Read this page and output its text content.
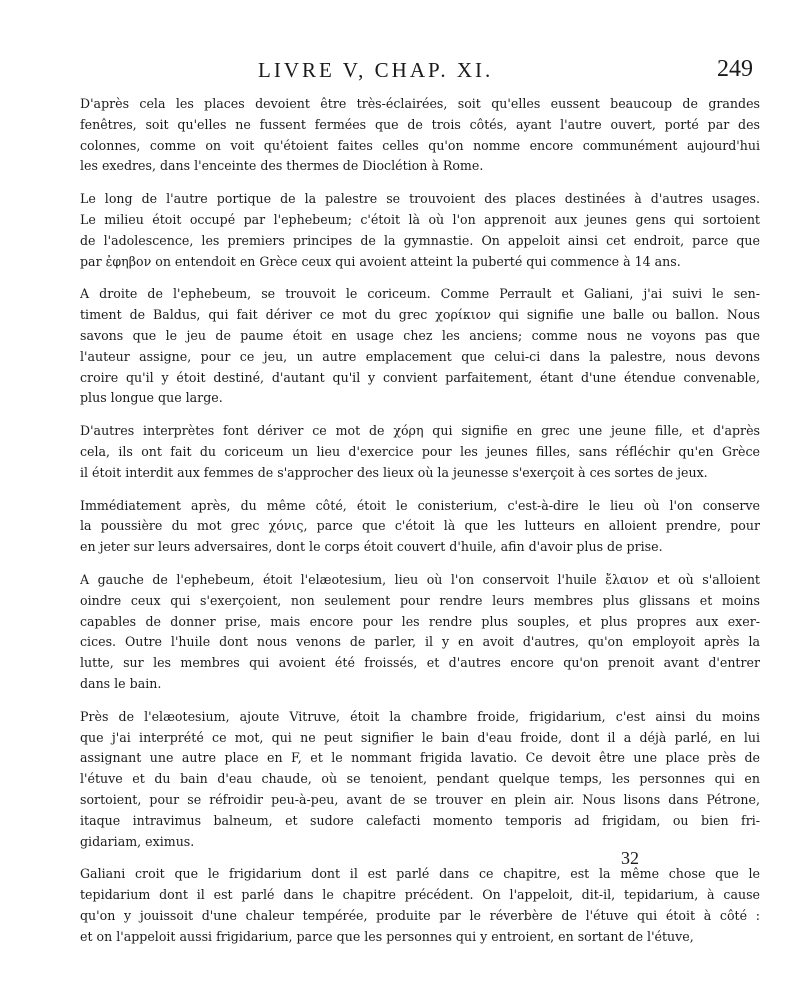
LIVRE V, CHAP. XI.	249
D'après cela les places devoient être très-éclairées, soit qu'elles eussent beaucoup de grandes
fenêtres, soit qu'elles ne fussent fermées que de trois côtés, ayant l'autre ouvert, porté par des
colonnes, comme on voit qu'étoient faites celles qu'on nomme encore communément aujourd'hui
les exedres, dans l'enceinte des thermes de Dioclétion à Rome.
Le long de l'autre portique de la palestre se trouvoient des places destinées à d'autres usages.
Le milieu étoit occupé par l'ephebeum; c'étoit là où l'on apprenoit aux jeunes gens qui sortoient
de l'adolescence, les premiers principes de la gymnastie. On appeloit ainsi cet endroit, parce que
par ἐφηβον on entendoit en Grèce ceux qui avoient atteint la puberté qui commence à 14 ans.
A droite de l'ephebeum, se trouvoit le coriceum. Comme Perrault et Galiani, j'ai suivi le sen-
timent de Baldus, qui fait dériver ce mot du grec χορίκιον qui signifie une balle ou ballon. Nous
savons que le jeu de paume étoit en usage chez les anciens; comme nous ne voyons pas que
l'auteur assigne, pour ce jeu, un autre emplacement que celui-ci dans la palestre, nous devons
croire qu'il y étoit destiné, d'autant qu'il y convient parfaitement, étant d'une étendue convenable,
plus longue que large.
D'autres interprètes font dériver ce mot de χόρη qui signifie en grec une jeune fille, et d'après
cela, ils ont fait du coriceum un lieu d'exercice pour les jeunes filles, sans réfléchir qu'en Grèce
il étoit interdit aux femmes de s'approcher des lieux où la jeunesse s'exerçoit à ces sortes de jeux.
Immédiatement après, du même côté, étoit le conisterium, c'est-à-dire le lieu où l'on conserve
la poussière du mot grec χόνις, parce que c'étoit là que les lutteurs en alloient prendre, pour
en jeter sur leurs adversaires, dont le corps étoit couvert d'huile, afin d'avoir plus de prise.
A gauche de l'ephebeum, étoit l'elæotesium, lieu où l'on conservoit l'huile ἔλαιον et où s'alloient
oindre ceux qui s'exerçoient, non seulement pour rendre leurs membres plus glissans et moins
capables de donner prise, mais encore pour les rendre plus souples, et plus propres aux exer-
cices. Outre l'huile dont nous venons de parler, il y en avoit d'autres, qu'on employoit après la
lutte, sur les membres qui avoient été froissés, et d'autres encore qu'on prenoit avant d'entrer
dans le bain.
Près de l'elæotesium, ajoute Vitruve, étoit la chambre froide, frigidarium, c'est ainsi du moins
que j'ai interprété ce mot, qui ne peut signifier le bain d'eau froide, dont il a déjà parlé, en lui
assignant une autre place en F, et le nommant frigida lavatio. Ce devoit être une place près de
l'étuve et du bain d'eau chaude, où se tenoient, pendant quelque temps, les personnes qui en
sortoient, pour se réfroidir peu-à-peu, avant de se trouver en plein air. Nous lisons dans Pétrone,
itaque intravimus balneum, et sudore calefacti momento temporis ad frigidam, ou bien fri-
gidariam, eximus.
Galiani croit que le frigidarium dont il est parlé dans ce chapitre, est la même chose que le
tepidarium dont il est parlé dans le chapitre précédent. On l'appeloit, dit-il, tepidarium, à cause
qu'on y jouissoit d'une chaleur tempérée, produite par le réverbère de l'étuve qui étoit à côté :
et on l'appeloit aussi frigidarium, parce que les personnes qui y entroient, en sortant de l'étuve,
32
